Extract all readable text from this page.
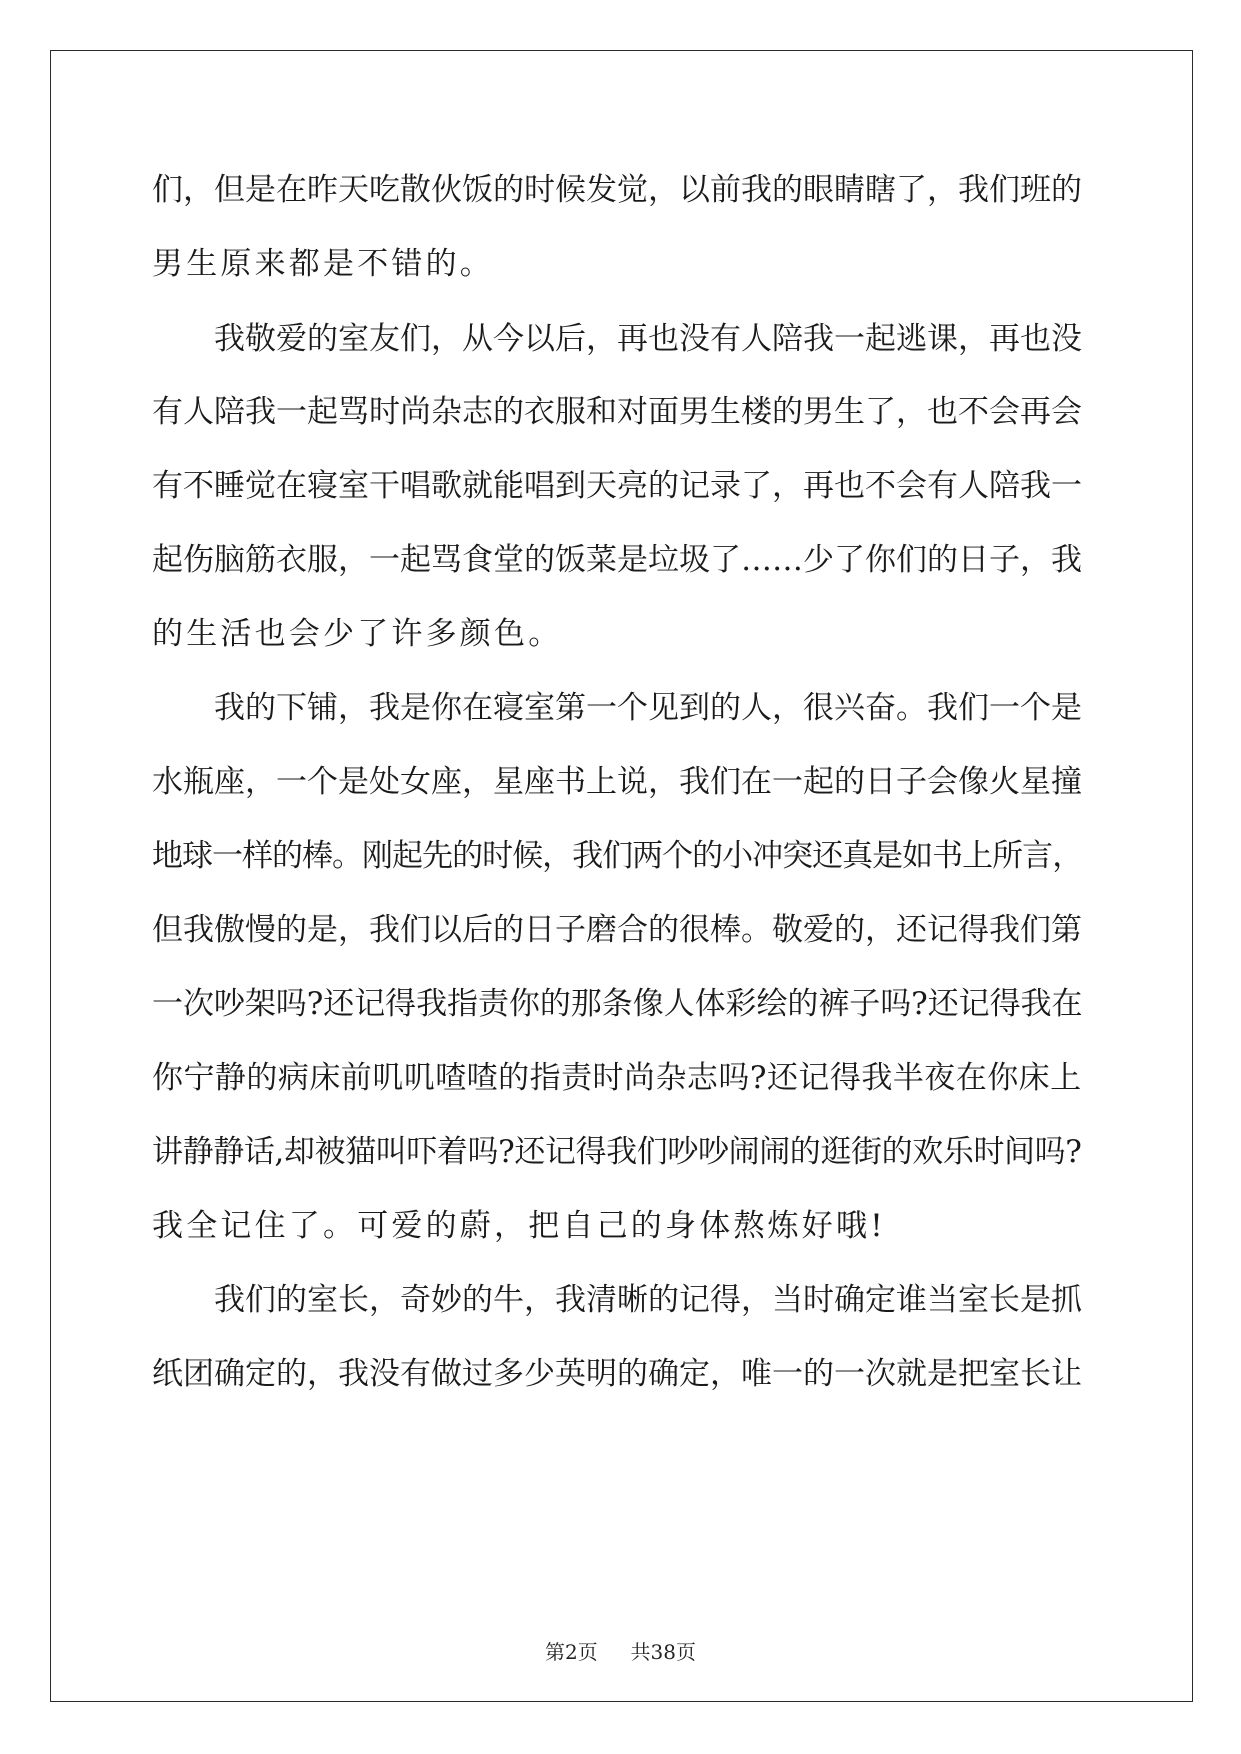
们，但是在昨天吃散伙饭的时候发觉，以前我的眼睛瞎了，我们班的
男生原来都是不错的。
　　我敬爱的室友们，从今以后，再也没有人陪我一起逃课，再也没
有人陪我一起骂时尚杂志的衣服和对面男生楼的男生了，也不会再会
有不睡觉在寝室干唱歌就能唱到天亮的记录了，再也不会有人陪我一
起伤脑筋衣服，一起骂食堂的饭菜是垃圾了……少了你们的日子，我
的生活也会少了许多颜色。
　　我的下铺，我是你在寝室第一个见到的人，很兴奋。我们一个是
水瓶座，一个是处女座，星座书上说，我们在一起的日子会像火星撞
地球一样的棒。刚起先的时候，我们两个的小冲突还真是如书上所言，
但我傲慢的是，我们以后的日子磨合的很棒。敬爱的，还记得我们第
一次吵架吗?还记得我指责你的那条像人体彩绘的裤子吗?还记得我在
你宁静的病床前叽叽喳喳的指责时尚杂志吗?还记得我半夜在你床上
讲静静话,却被猫叫吓着吗?还记得我们吵吵闹闹的逛街的欢乐时间吗?
我全记住了。可爱的蔚，把自己的身体熬炼好哦!
　　我们的室长，奇妙的牛，我清晰的记得，当时确定谁当室长是抓
纸团确定的，我没有做过多少英明的确定，唯一的一次就是把室长让
第2页   共38页
